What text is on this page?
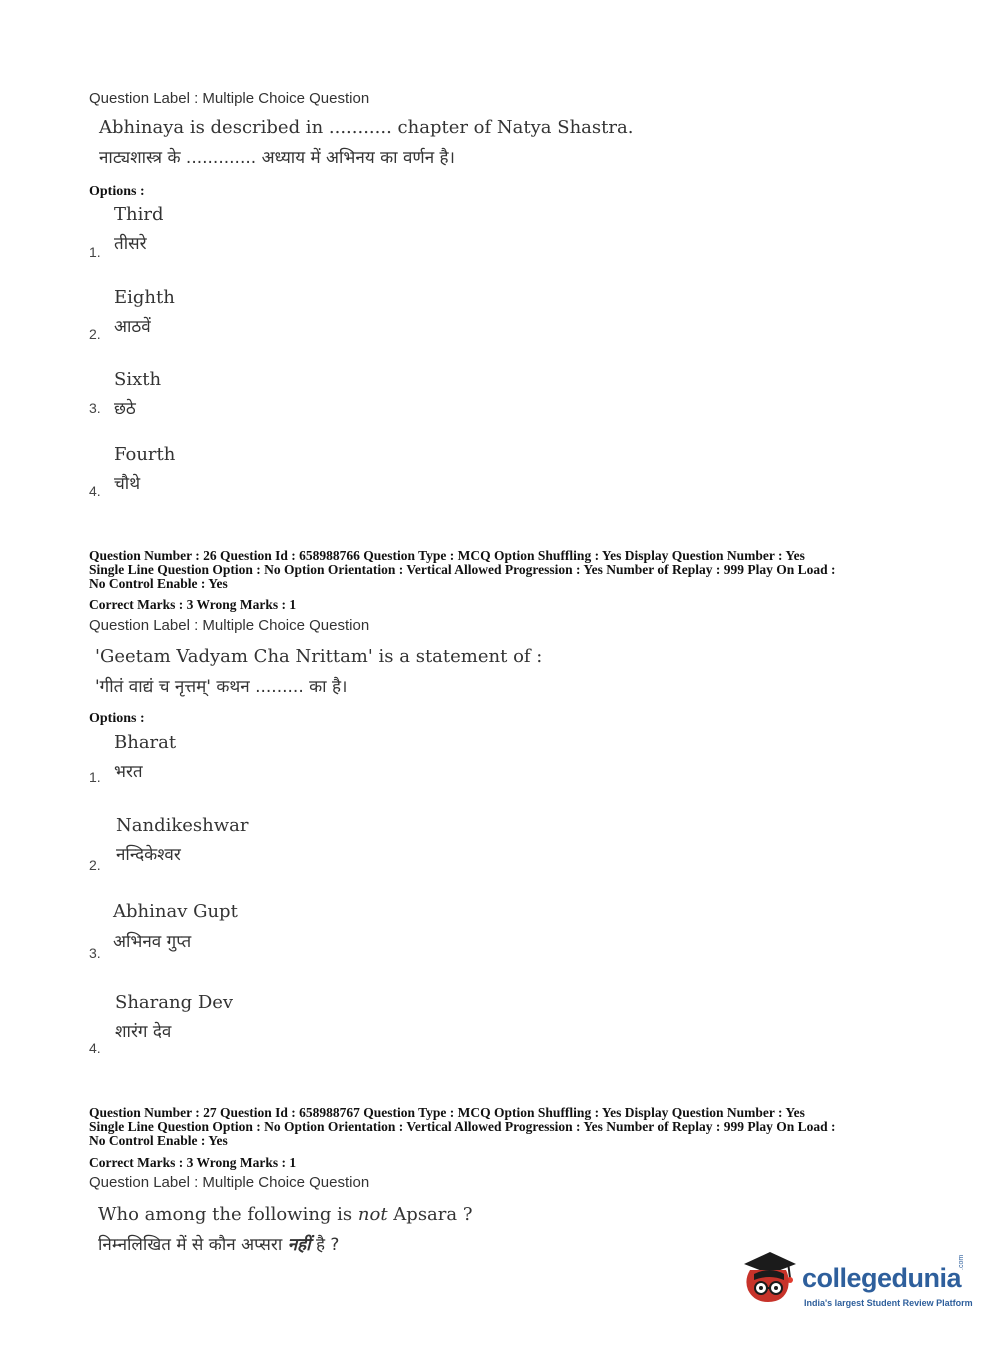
Question Label : Multiple Choice Question
Abhinaya is described in ........... chapter of Natya Shastra.
नाट्यशास्त्र के ............. अध्याय में अभिनय का वर्णन है।
Options :
Third
तीसरे
1.
Eighth
आठवें
2.
Sixth
छठे
3.
Fourth
चौथे
4.
Question Number : 26 Question Id : 658988766 Question Type : MCQ Option Shuffling : Yes Display Question Number : Yes
Single Line Question Option : No Option Orientation : Vertical Allowed Progression : Yes Number of Replay : 999 Play On Load :
No Control Enable : Yes
Correct Marks : 3 Wrong Marks : 1
Question Label : Multiple Choice Question
'Geetam Vadyam Cha Nrittam' is a statement of :
'गीतं वाद्यं च नृत्तम्' कथन ......... का है।
Options :
Bharat
भरत
1.
Nandikeshwar
नन्दिकेश्वर
2.
Abhinav Gupt
अभिनव गुप्त
3.
Sharang Dev
शारंग देव
4.
Question Number : 27 Question Id : 658988767 Question Type : MCQ Option Shuffling : Yes Display Question Number : Yes
Single Line Question Option : No Option Orientation : Vertical Allowed Progression : Yes Number of Replay : 999 Play On Load :
No Control Enable : Yes
Correct Marks : 3 Wrong Marks : 1
Question Label : Multiple Choice Question
Who among the following is not Apsara ?
निम्नलिखित में से कौन अप्सरा नहीं है ?
collegedunia
.com
India's largest Student Review Platform
